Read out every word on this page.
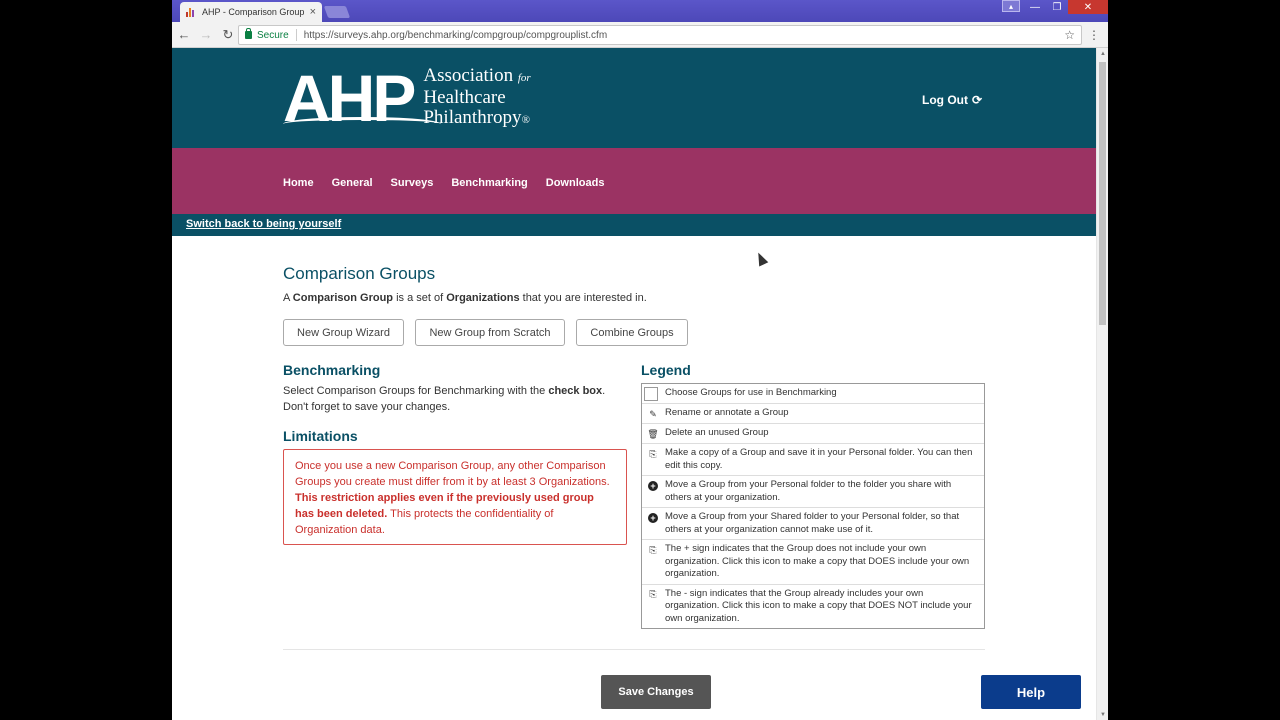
AHP - Comparison Group ×	▴	—	❐	✕
← → ↻	Secure https://surveys.ahp.org/benchmarking/compgroup/compgrouplist.cfm	☆ ⋮
AHP Association for
Healthcare
Philanthropy®
Log Out ⟳
Home General Surveys Benchmarking Downloads
Switch back to being yourself
Comparison Groups

A Comparison Group is a set of Organizations that you are interested in.

New Group Wizard	New Group from Scratch	Combine Groups
Benchmarking

Select Comparison Groups for Benchmarking with the check box. Don't forget to save your changes.

Limitations
Once you use a new Comparison Group, any other Comparison Groups you create must differ from it by at least 3 Organizations. This restriction applies even if the previously used group has been deleted. This protects the confidentiality of Organization data.
Legend
Choose Groups for use in Benchmarking
✎ Rename or annotate a Group
🗑 Delete an unused Group
⎘ Make a copy of a Group and save it in your Personal folder. You can then edit this copy.
+ Move a Group from your Personal folder to the folder you share with others at your organization.
+ Move a Group from your Shared folder to your Personal folder, so that others at your organization cannot make use of it.
⎘ The + sign indicates that the Group does not include your own organization. Click this icon to make a copy that DOES include your own organization.
⎘ The - sign indicates that the Group already includes your own organization. Click this icon to make a copy that DOES NOT include your own organization.
Save Changes	Help
▲
▼
